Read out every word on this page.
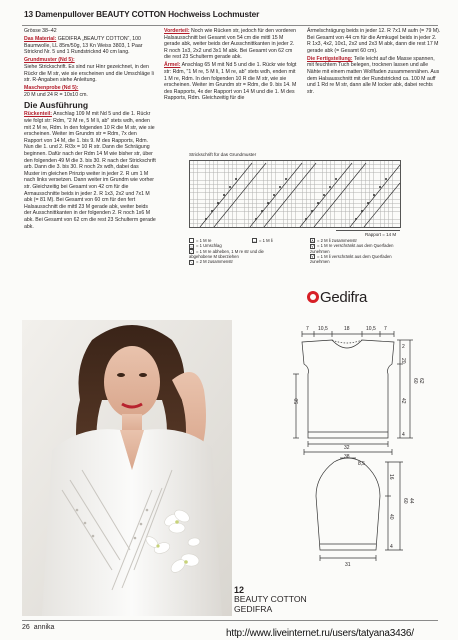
13 Damenpullover BEAUTY COTTON Hochweiss Lochmuster
Grösse 38–42
Das Material: GEDIFRA „BEAUTY COTTON“, 100 Baumwolle, LL 85m/50g, 13 Kn Weiss 3803, 1 Paar Stricknd Nr. 5 und 1 Rundstricknd 40 cm lang.
Grundmuster (Nd 5):
Siehe Strickschrift. Es sind nur Hinr gezeichnet, in den Rückr die M str, wie sie erscheinen und die Umschläge li str. R-Angaben siehe Anleitung.
Maschenprobe (Nd 5):
20 M und 24 R = 10x10 cm.
Die Ausführung
Rückenteil: Anschlag 109 M mit Nd 5 und die 1. Rückr wie folgt str: Rdm, "2 M re, 5 M li, ab" stets wdh, enden mit 2 M re, Rdm. In den folgenden 10 R die M str, wie sie erscheinen. Weiter im Grundm str = Rdm, 7x den Rapport von 14 M, die 1. bis 9. M des Rapports, Rdm. Nun die 1. und 2. R/3x = 10 R str. Dann die Schrägung beginnen. Dafür nach der Rdm 14 M wie bisher str, über den folgenden 49 M die 3. bis 30. R nach der Strickschrift arb. Dann die 3. bis 30. R noch 2x wdh, dabei das Muster im gleichen Prinzip weiter in jeder 2. R um 1 M nach links versetzen. Dann weiter im Grundm wie vorher str. Gleichzeitig bei Gesamt von 42 cm für die Armausschnitte beids in jeder 2. R 1x3, 2x2 und 7x1 M abk (= 81 M). Bei Gesamt von 60 cm für den fert Halsausschnitt die mittl 23 M gerade abk, weiter beids der Ausschnittkanten in der folgenden 2. R noch 1x6 M abk. Bei Gesamt von 62 cm die rest 23 Schulterm gerade abk.
Vorderteil: Noch wie Rücken str, jedoch für den vorderen Halsausschnitt bei Gesamt von 54 cm die mittl 15 M gerade abk, weiter beids der Ausschnittkanten in jeder 2. R noch 1x3, 2x2 und 3x1 M abk. Bei Gesamt von 62 cm die rest 23 Schulterm gerade abk.
Ärmel: Anschlag 65 M mit Nd 5 und die 1. Rückr wie folgt str: Rdm, "1 M re, 5 M li, 1 M re, ab" stets wdh, enden mit 1 M re, Rdm. In den folgenden 10 R die M str, wie sie erscheinen. Weiter im Grundm str = Rdm, die 9. bis 14. M des Rapports, 4x der Rapport von 14 M und die 1. M des Rapports, Rdm. Gleichzeitig für die
Ärmelschrägung beids in jeder 12. R 7x1 M aufn (= 79 M). Bei Gesamt von 44 cm für die Armkugel beids in jeder 2. R 1x3, 4x2, 10x1, 2x2 und 2x3 M abk, dann die rest 17 M gerade abk (= Gesamt 60 cm).
Die Fertigstellung: Teile leicht auf die Masse spannen, mit feuchtem Tuch belegen, trocknen lassen und alle Nähte mit einem matten Wollfaden zusammennähen. Aus dem Halsausschnitt mit der Rundstricknd ca. 100 M auff und 1 Rd re M str, dann alle M locker abk, dabei rechts str.
Strickschrift für das Grundmuster
Rapport = 14 M
= 1 M re
○ = 1 Umschlag
⟋ = 1 M re abheben, 1 M re str und die abgehobene M überziehen
⟍ = 2 M zusammenstr
– = 1 M li	∧ = 2 M li zusammenstr
ϒ = 1 M re verschränkt aus dem Querfaden zunehmen
ϒ = 1 M li verschränkt aus dem Querfaden zunehmen
Gedifra
7 10,5	18	10,5 7
2
20
60 62
42
50
4
32
38
8,5
16
60 44
40
4
31
12
BEAUTY COTTON
GEDIFRA
26 annika
http://www.liveinternet.ru/users/tatyana3436/
